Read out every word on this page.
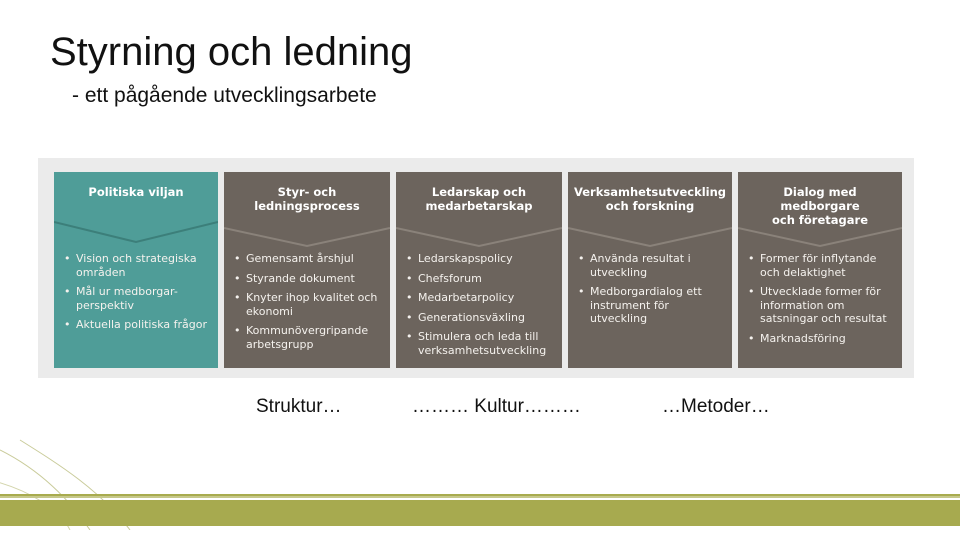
Styrning och ledning
- ett pågående utvecklingsarbete
Politiska viljan
• Vision och strategiska områden
• Mål ur medborgar-perspektiv
• Aktuella politiska frågor
Styr- och
ledningsprocess
• Gemensamt årshjul
• Styrande dokument
• Knyter ihop kvalitet och ekonomi
• Kommunövergripande arbetsgrupp
Ledarskap och
medarbetarskap
• Ledarskapspolicy
• Chefsforum
• Medarbetarpolicy
• Generationsväxling
• Stimulera och leda till verksamhetsutveckling
Verksamhetsutveckling
och forskning
• Använda resultat i utveckling
• Medborgardialog ett instrument för utveckling
Dialog med medborgare
och företagare
• Former för inflytande och delaktighet
• Utvecklade former för information om satsningar och resultat
• Marknadsföring
Struktur…	……… Kultur………	…Metoder…
